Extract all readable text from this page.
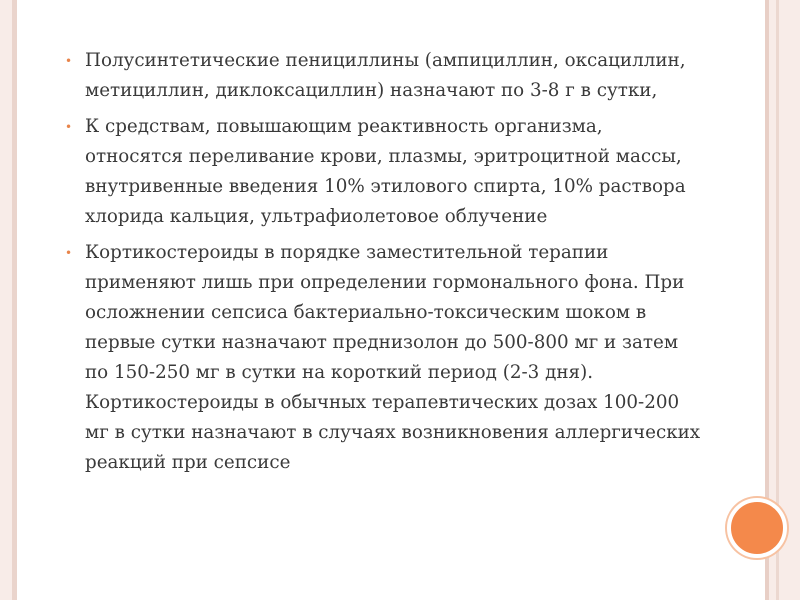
• Полусинтетические пенициллины (ампициллин, оксациллин, метициллин, диклоксациллин) назначают по 3-8 г в сутки,
• К средствам, повышающим реактивность организма, относятся переливание крови, плазмы, эритроцитной массы, внутривенные введения 10% этилового спирта, 10% раствора хлорида кальция, ультрафиолетовое облучение
• Кортикостероиды в порядке заместительной терапии применяют лишь при определении гормонального фона. При осложнении сепсиса бактериально-токсическим шоком в первые сутки назначают преднизолон до 500-800 мг и затем по 150-250 мг в сутки на короткий период (2-3 дня). Кортикостероиды в обычных терапевтических дозах 100-200 мг в сутки назначают в случаях возникновения аллергических реакций при сепсисе
